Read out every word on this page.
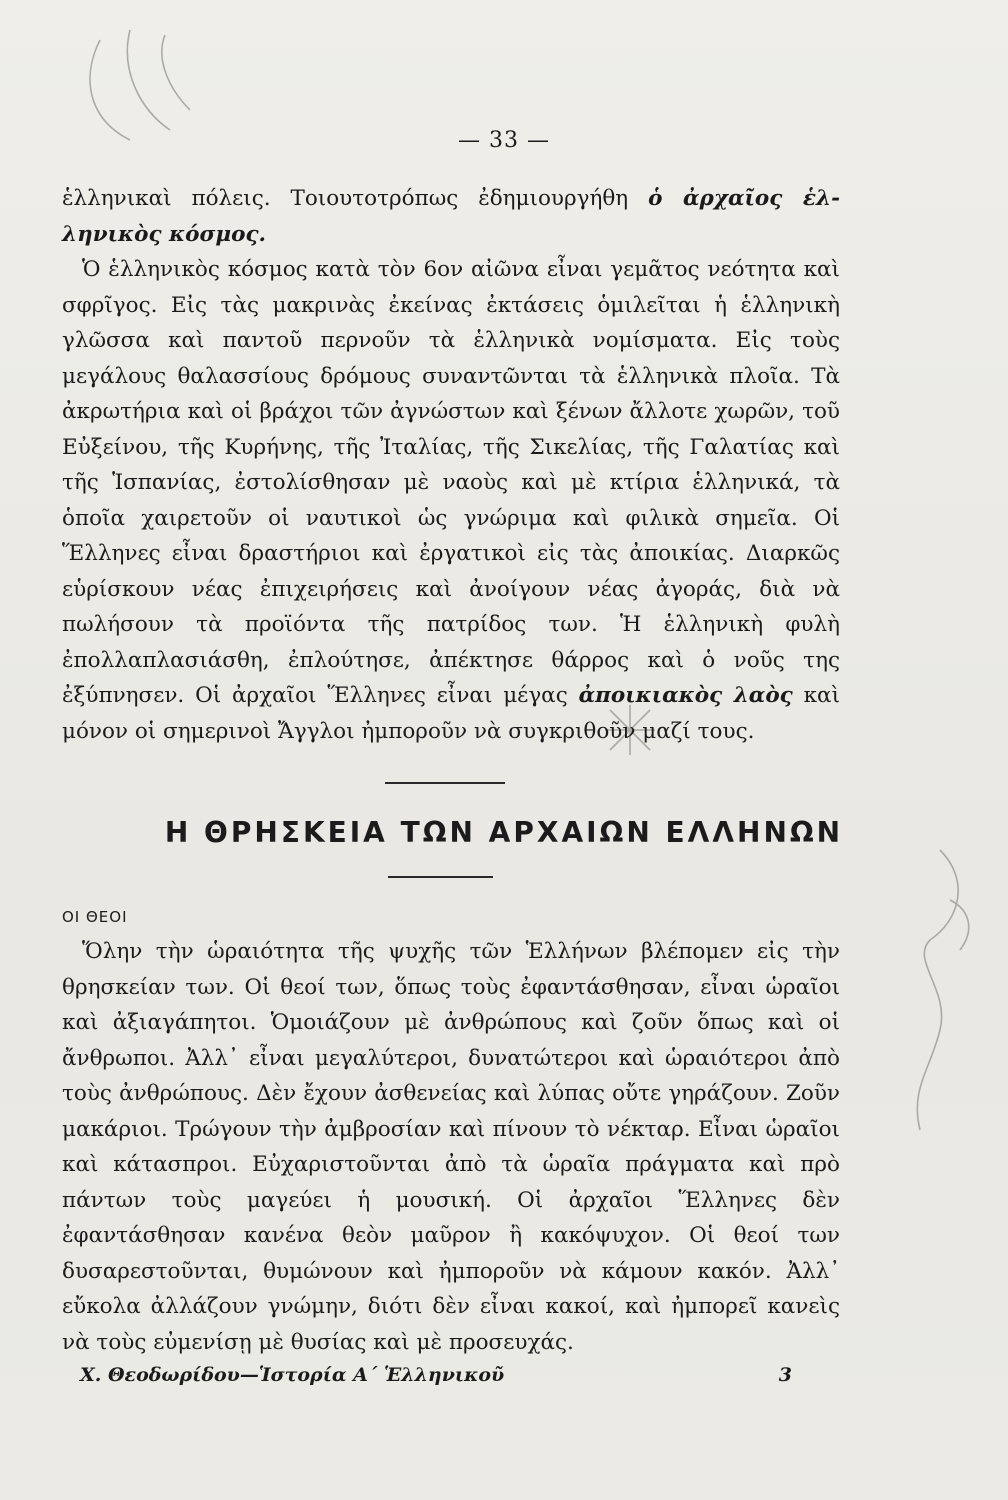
— 33 —

ἑλληνικαὶ πόλεις. Τοιουτοτρόπως ἐδημιουργήθη ὁ ἀρχαῖος ἑλ-ληνικὸς κόσμος.

Ὁ ἑλληνικὸς κόσμος κατὰ τὸν 6ον αἰῶνα εἶναι γεμᾶτος νεότητα καὶ σφρῖγος. Εἰς τὰς μακρινὰς ἐκείνας ἐκτάσεις ὁμιλεῖται ἡ ἑλληνικὴ γλῶσσα καὶ παντοῦ περνοῦν τὰ ἑλληνικὰ νομίσματα. Εἰς τοὺς μεγάλους θαλασσίους δρόμους συναντῶνται τὰ ἑλληνικὰ πλοῖα. Τὰ ἀκρωτήρια καὶ οἱ βράχοι τῶν ἀγνώστων καὶ ξένων ἄλλοτε χωρῶν, τοῦ Εὐξείνου, τῆς Κυρήνης, τῆς Ἰταλίας, τῆς Σικελίας, τῆς Γαλατίας καὶ τῆς Ἱσπανίας, ἐστολίσθησαν μὲ ναοὺς καὶ μὲ κτίρια ἑλληνικά, τὰ ὁποῖα χαιρετοῦν οἱ ναυτικοὶ ὡς γνώριμα καὶ φιλικὰ σημεῖα. Οἱ Ἕλληνες εἶναι δραστήριοι καὶ ἐργατικοὶ εἰς τὰς ἀποικίας. Διαρκῶς εὑρίσκουν νέας ἐπιχειρήσεις καὶ ἀνοίγουν νέας ἀγοράς, διὰ νὰ πωλήσουν τὰ προϊόντα τῆς πατρίδος των. Ἡ ἑλληνικὴ φυλὴ ἐπολλαπλασιάσθη, ἐπλούτησε, ἀπέκτησε θάρρος καὶ ὁ νοῦς της ἐξύπνησεν. Οἱ ἀρχαῖοι Ἕλληνες εἶναι μέγας ἀποικιακὸς λαὸς καὶ μόνον οἱ σημερινοὶ Ἄγγλοι ἠμποροῦν νὰ συγκριθοῦν μαζί τους.

Η ΘΡΗΣΚΕΙΑ ΤΩΝ ΑΡΧΑΙΩΝ ΕΛΛΗΝΩΝ
ΟΙ ΘΕΟΙ

Ὅλην τὴν ὡραιότητα τῆς ψυχῆς τῶν Ἑλλήνων βλέπομεν εἰς τὴν θρησκείαν των. Οἱ θεοί των, ὅπως τοὺς ἐφαντάσθησαν, εἶναι ὡραῖοι καὶ ἀξιαγάπητοι. Ὁμοιάζουν μὲ ἀνθρώπους καὶ ζοῦν ὅπως καὶ οἱ ἄνθρωποι. Ἀλλ᾽ εἶναι μεγαλύτεροι, δυνατώτεροι καὶ ὡραιότεροι ἀπὸ τοὺς ἀνθρώπους. Δὲν ἔχουν ἀσθενείας καὶ λύπας οὔτε γηράζουν. Ζοῦν μακάριοι. Τρώγουν τὴν ἀμβροσίαν καὶ πίνουν τὸ νέκταρ. Εἶναι ὡραῖοι καὶ κάτασπροι. Εὐχαριστοῦνται ἀπὸ τὰ ὡραῖα πράγματα καὶ πρὸ πάντων τοὺς μαγεύει ἡ μουσική. Οἱ ἀρχαῖοι Ἕλληνες δὲν ἐφαντάσθησαν κανένα θεὸν μαῦρον ἢ κακόψυχον. Οἱ θεοί των δυσαρεστοῦνται, θυμώνουν καὶ ἠμποροῦν νὰ κάμουν κακόν. Ἀλλ᾽ εὔκολα ἀλλάζουν γνώμην, διότι δὲν εἶναι κακοί, καὶ ἠμπορεῖ κανεὶς νὰ τοὺς εὐμενίσῃ μὲ θυσίας καὶ μὲ προσευχάς.

Χ. Θεοδωρίδου—Ἱστορία Α´ Ἑλληνικοῦ	3
